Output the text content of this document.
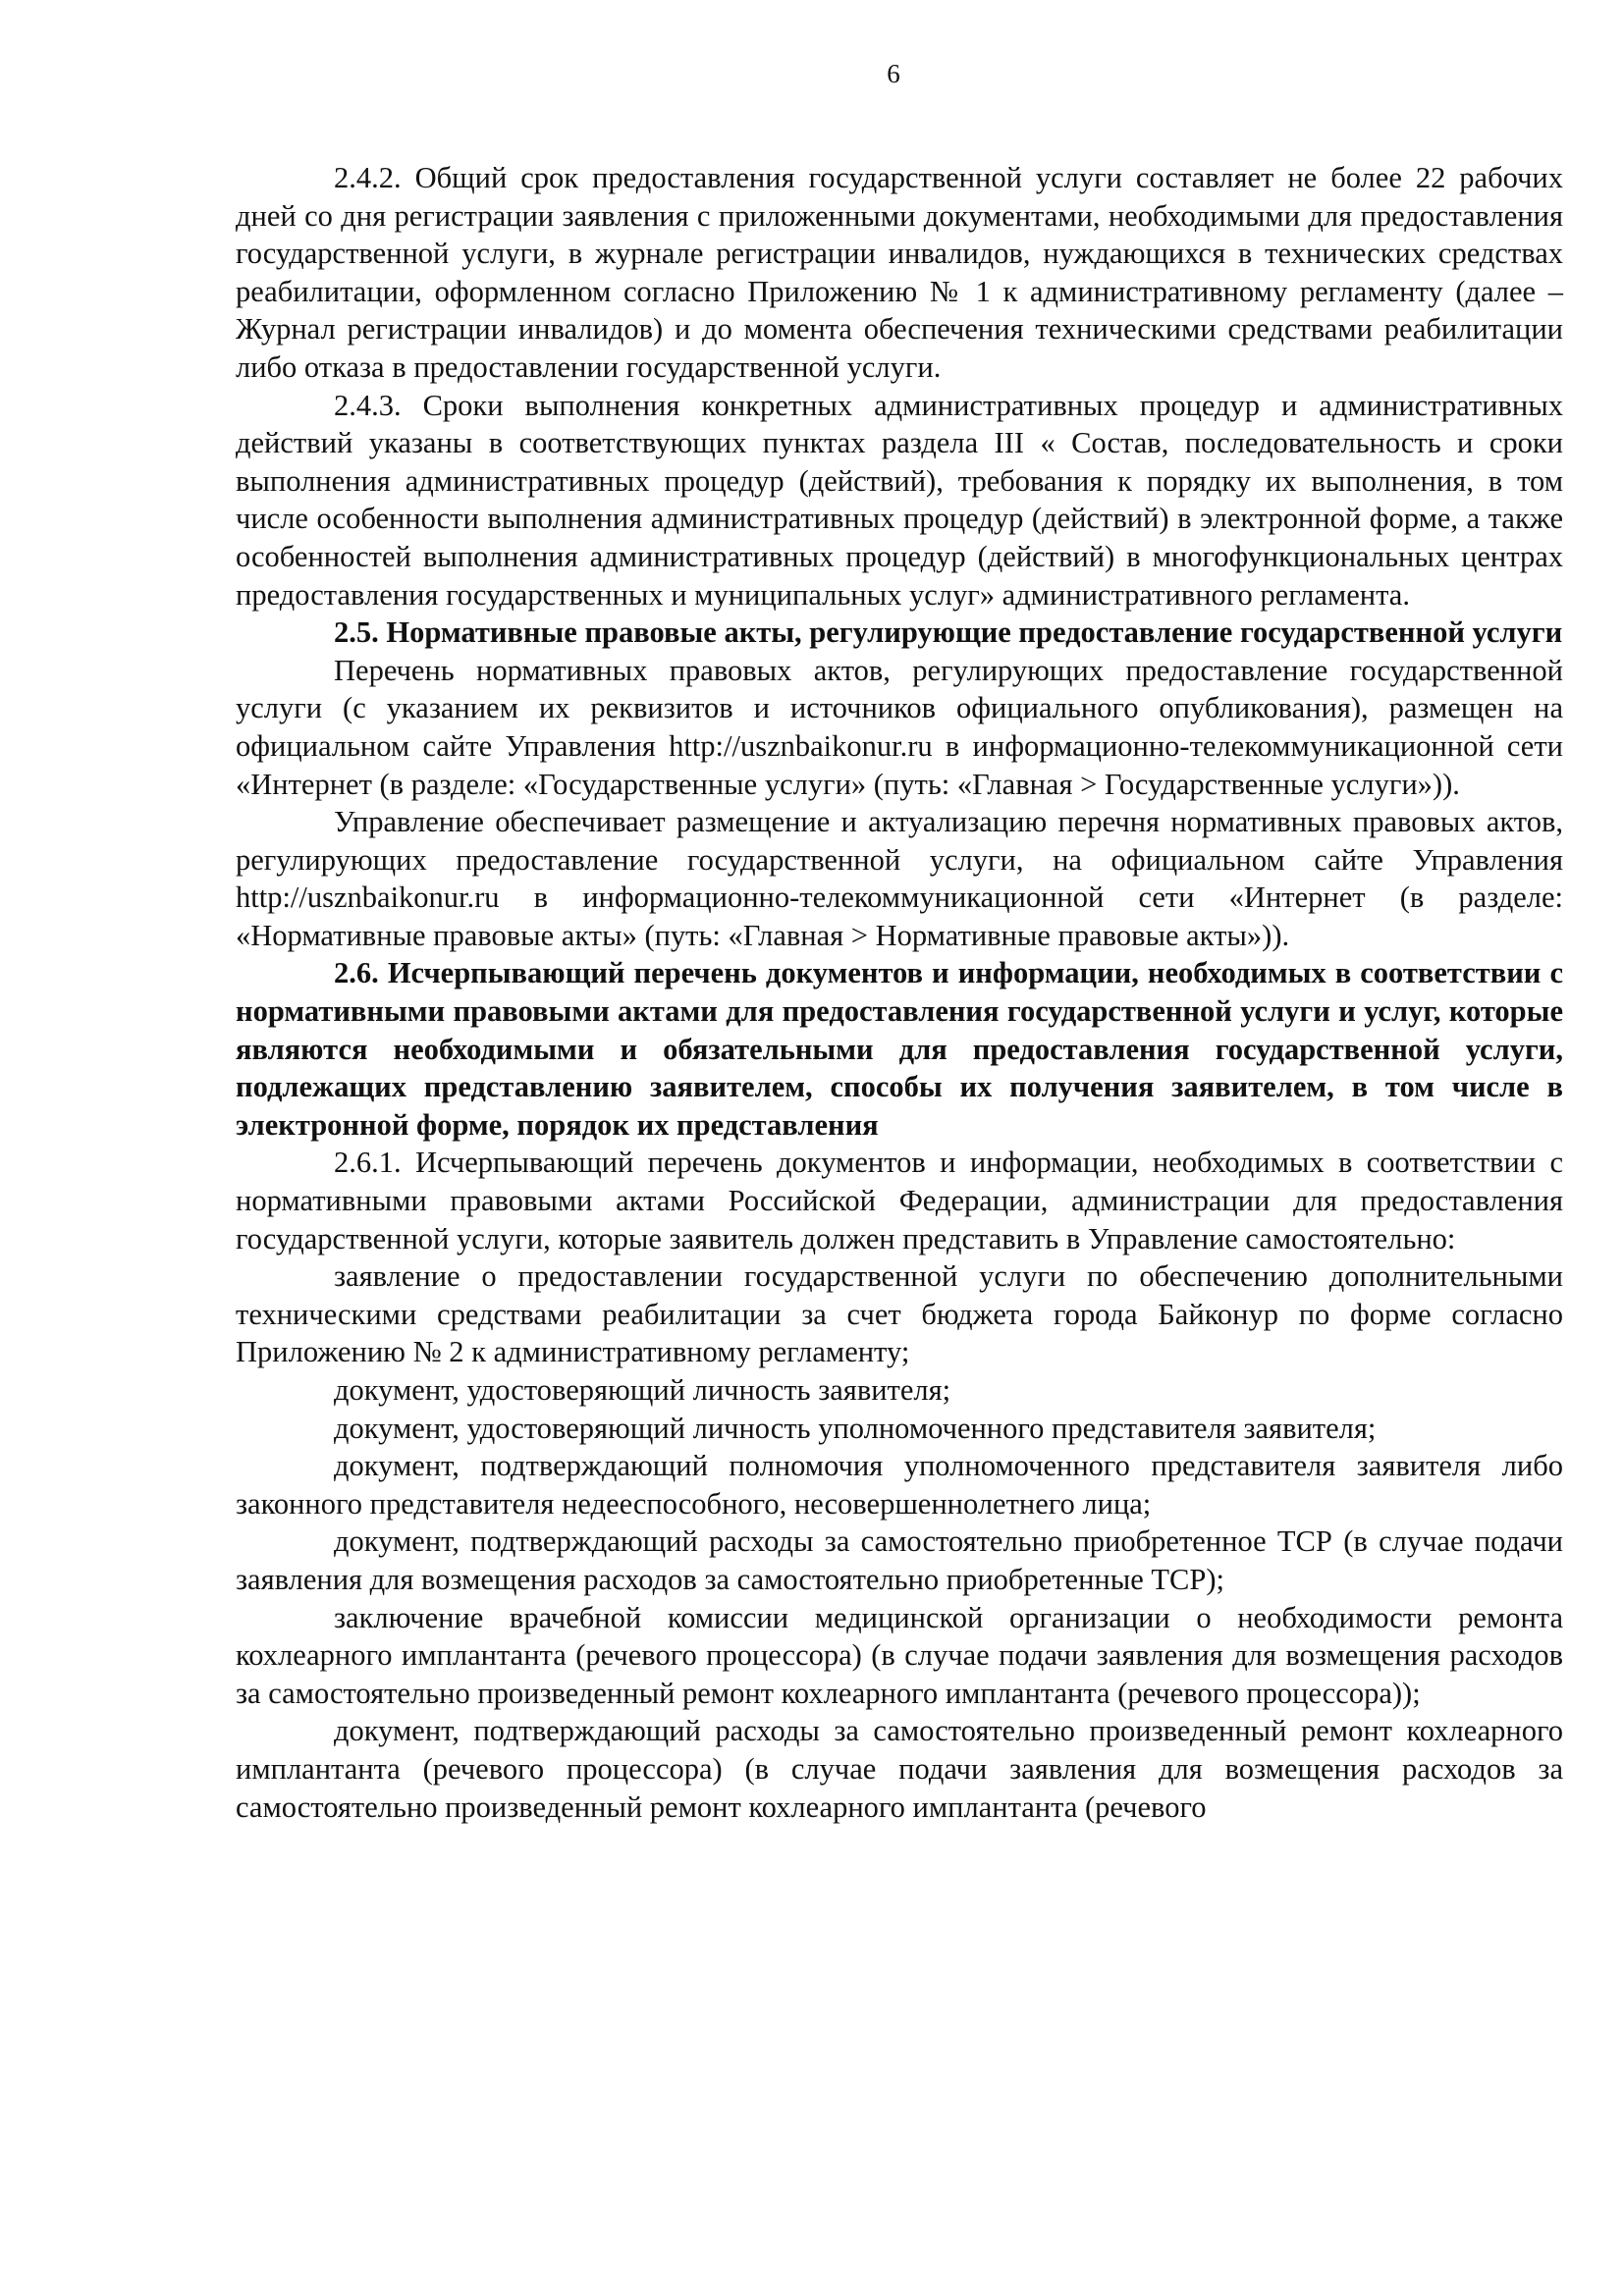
6

2.4.2. Общий срок предоставления государственной услуги составляет не более 22 рабочих дней со дня регистрации заявления с приложенными документами, необходимыми для предоставления государственной услуги, в журнале регистрации инвалидов, нуждающихся в технических средствах реабилитации, оформленном согласно Приложению № 1 к административному регламенту (далее – Журнал регистрации инвалидов) и до момента обеспечения техническими средствами реабилитации либо отказа в предоставлении государственной услуги.

2.4.3. Сроки выполнения конкретных административных процедур и административных действий указаны в соответствующих пунктах раздела III « Состав, последовательность и сроки выполнения административных процедур (действий), требования к порядку их выполнения, в том числе особенности выполнения административных процедур (действий) в электронной форме, а также особенностей выполнения административных процедур (действий) в многофункциональных центрах предоставления государственных и муниципальных услуг» административного регламента.

2.5. Нормативные правовые акты, регулирующие предоставление государственной услуги

Перечень нормативных правовых актов, регулирующих предоставление государственной услуги (с указанием их реквизитов и источников официального опубликования), размещен на официальном сайте Управления http://usznbaikonur.ru в информационно-телекоммуникационной сети «Интернет (в разделе: «Государственные услуги» (путь: «Главная > Государственные услуги»)).

Управление обеспечивает размещение и актуализацию перечня нормативных правовых актов, регулирующих предоставление государственной услуги, на официальном сайте Управления http://usznbaikonur.ru в информационно-телекоммуникационной сети «Интернет (в разделе: «Нормативные правовые акты» (путь: «Главная > Нормативные правовые акты»)).

2.6. Исчерпывающий перечень документов и информации, необходимых в соответствии с нормативными правовыми актами для предоставления государственной услуги и услуг, которые являются необходимыми и обязательными для предоставления государственной услуги, подлежащих представлению заявителем, способы их получения заявителем, в том числе в электронной форме, порядок их представления

2.6.1. Исчерпывающий перечень документов и информации, необходимых в соответствии с нормативными правовыми актами Российской Федерации, администрации для предоставления государственной услуги, которые заявитель должен представить в Управление самостоятельно:

заявление о предоставлении государственной услуги по обеспечению дополнительными техническими средствами реабилитации за счет бюджета города Байконур по форме согласно Приложению № 2 к административному регламенту;

документ, удостоверяющий личность заявителя;

документ, удостоверяющий личность уполномоченного представителя заявителя;

документ, подтверждающий полномочия уполномоченного представителя заявителя либо законного представителя недееспособного, несовершеннолетнего лица;

документ, подтверждающий расходы за самостоятельно приобретенное ТСР (в случае подачи заявления для возмещения расходов за самостоятельно приобретенные ТСР);

заключение врачебной комиссии медицинской организации о необходимости ремонта кохлеарного имплантанта (речевого процессора) (в случае подачи заявления для возмещения расходов за самостоятельно произведенный ремонт кохлеарного имплантанта (речевого процессора));

документ, подтверждающий расходы за самостоятельно произведенный ремонт кохлеарного имплантанта (речевого процессора) (в случае подачи заявления для возмещения расходов за самостоятельно произведенный ремонт кохлеарного имплантанта (речевого
